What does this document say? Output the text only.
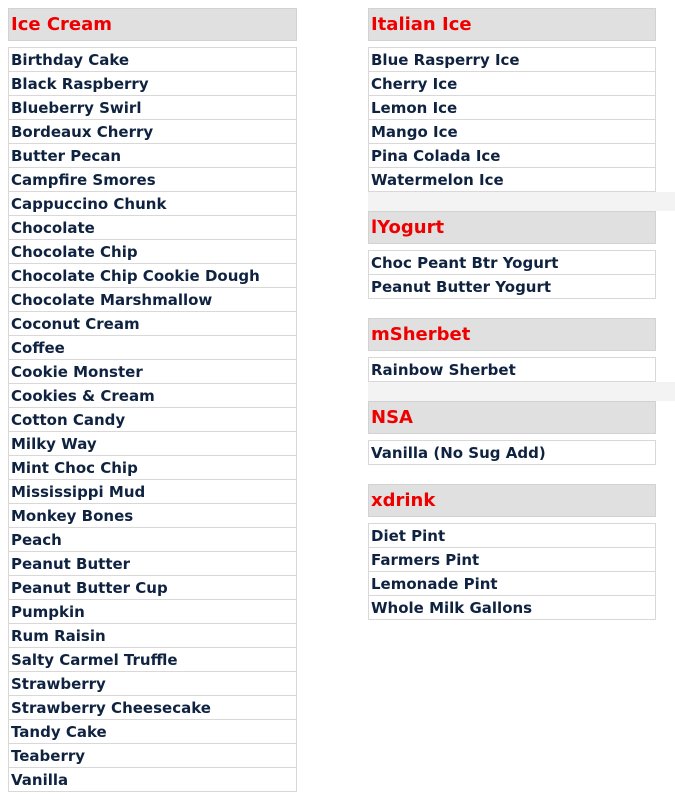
Ice Cream
Birthday Cake
Black Raspberry
Blueberry Swirl
Bordeaux Cherry
Butter Pecan
Campfire Smores
Cappuccino Chunk
Chocolate
Chocolate Chip
Chocolate Chip Cookie Dough
Chocolate Marshmallow
Coconut Cream
Coffee
Cookie Monster
Cookies & Cream
Cotton Candy
Milky Way
Mint Choc Chip
Mississippi Mud
Monkey Bones
Peach
Peanut Butter
Peanut Butter Cup
Pumpkin
Rum Raisin
Salty Carmel Truffle
Strawberry
Strawberry Cheesecake
Tandy Cake
Teaberry
Vanilla
Italian Ice
Blue Rasperry Ice
Cherry Ice
Lemon Ice
Mango Ice
Pina Colada Ice
Watermelon Ice
lYogurt
Choc Peant Btr Yogurt
Peanut Butter Yogurt
mSherbet
Rainbow Sherbet
NSA
Vanilla (No Sug Add)
xdrink
Diet Pint
Farmers Pint
Lemonade Pint
Whole Milk Gallons
